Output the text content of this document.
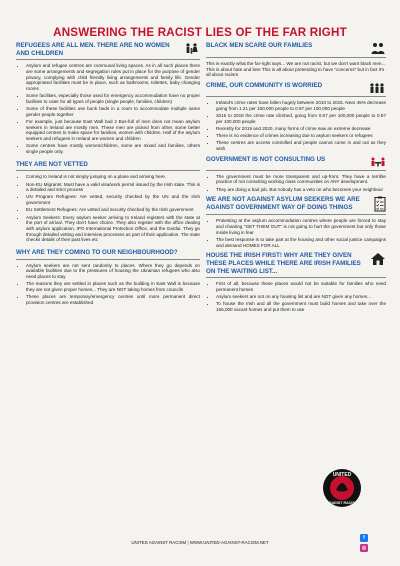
ANSWERING THE RACIST LIES OF THE FAR RIGHT
REFUGEES ARE ALL MEN. THERE ARE NO WOMEN AND CHILDREN
• Asylum and refugee centres are communal living spaces. As in all such places there are some arrangements and segregation rules put in place for the purpose of gender privacy, complying with child friendly living arrangements and family life. Gender appropriated facilities must be in place, such as bathrooms, toilettes, baby changing rooms
• Some facilities, especially those used for emergency accommodation have no proper facilities to cater for all types of people (single people, families, children)
• Some of these facilities use bunk beds in a room to accommodate multiple same gender people together
• For example, just because East Wall had 2 Bus-full of men does not mean asylum seekers in Ireland are mostly men. These men are picked from other, some better equipped centres to make space for families, women with children. Half of the asylum seekers and refugees in Ireland are women and children
• Some centres have mostly women/children, some are mixed and families, others single people only.
THEY ARE NOT VETTED
• Coming to Ireland is not simply jumping on a plane and arriving here.
• Non-EU Migrants: Must have a valid visa/work permit issued by the Irish state. This is a detailed and strict process
• UN Program Refugees: Are vetted, security checked by the UN and the Irish government
• EU Settlement Refugees: Are vetted and security checked by the Irish government
• Asylum Seekers: Every asylum seeker arriving to Ireland registers with the state at the port of arrival. They don't have choice. They also register with the office dealing with asylum application, IPO International Protection Office, and the Gardai. They go through detailed vetting and interview processes as part of their application. The state checks details of their past lives etc
WHY ARE THEY COMING TO OUR NEIGHBOURHOOD?
• Asylum seekers are not sent randomly to places. Where they go depends on available facilities due to the pressures of housing the Ukrainian refugees who also need places to stay
• The reasons they are settled in places such as the building in East Wall is because they are not given proper homes... They are NOT taking homes from councils
• These places are temporary/emergency centres until more permanent direct provision centres are established
BLACK MEN SCARE OUR FAMILIES

This is exactly what the far-right says... We are not racist, but we don't want black men... This is about hate and lies! This is all about pretending to have "concerns" but in fact it's all about racism

CRIME, OUR COMMUNITY IS WORRIED
• Ireland's crime rates have fallen hugely between 2010 to 2015. Near 45% decrease going from 1.21 per 100,000 people to 0.67 per 100,000 people
• 2015 to 2018 the crime rate climbed, going from 0.67 per 100,000 people to 0.87 per 100,000 people
• Recently for 2019 and 2020, many forms of crime saw an extreme decrease
• There is no evidence of crimes increasing due to asylum seekers or refugees
• These centres are access controlled and people cannot come in and out as they wish
GOVERNMENT IS NOT CONSULTING US
• The government must be more transparent and up-front. They have a terrible practice of not consulting working class communities on ANY development.
• They are doing a bad job. But nobody has a veto on who becomes your neighbour
WE ARE NOT AGAINST ASYLUM SEEKERS WE ARE AGAINST GOVERNMENT WAY OF DOING THINGS
• Protesting at the asylum accommodation centres where people are forced to stay and chanting "GET THEM OUT" is not going to hurt the government but only those inside living in fear
• The best response is to take part at the housing and other social justice campaigns and demand HOMES FOR ALL
HOUSE THE IRISH FIRST! WHY ARE THEY GIVEN THESE PLACES WHILE THERE ARE IRISH FAMILIES ON THE WAITING LIST...
• First of all, because these places would not be suitable for families who need permanent homes
• Asylum seekers are not on any housing list and are NOT given any homes...
• To house the Irish and all the government must build homes and take over the 166,000 vacant homes and put them to use
UNITED
AGAINST RACISM
UNITED AGAINST RACISM | WWW.UNITED-AGAINST-RACISM.NET
f
◎
